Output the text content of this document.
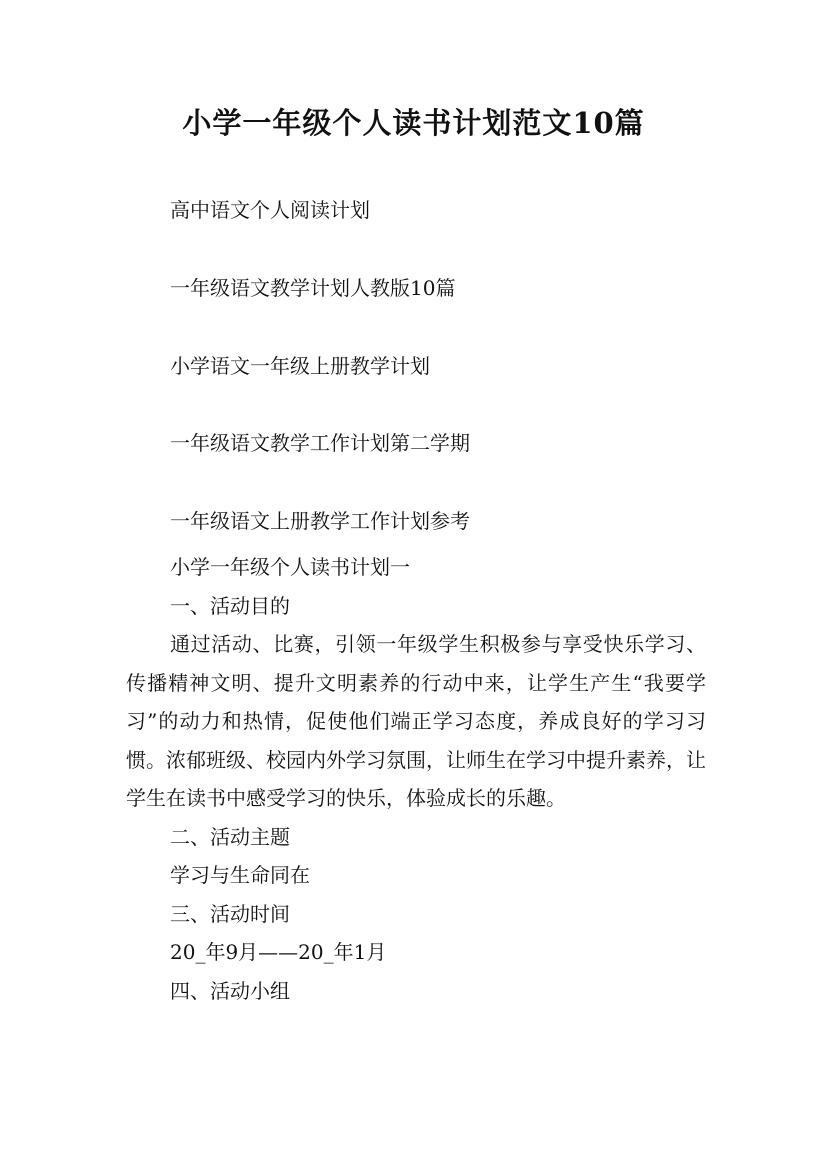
小学一年级个人读书计划范文10篇
高中语文个人阅读计划
一年级语文教学计划人教版10篇
小学语文一年级上册教学计划
一年级语文教学工作计划第二学期
一年级语文上册教学工作计划参考

小学一年级个人读书计划一

一、活动目的

通过活动、比赛，引领一年级学生积极参与享受快乐学习、传播精神文明、提升文明素养的行动中来，让学生产生“我要学习”的动力和热情，促使他们端正学习态度，养成良好的学习习惯。浓郁班级、校园内外学习氛围，让师生在学习中提升素养，让学生在读书中感受学习的快乐，体验成长的乐趣。

二、活动主题

学习与生命同在

三、活动时间

20_年9月——20_年1月

四、活动小组
